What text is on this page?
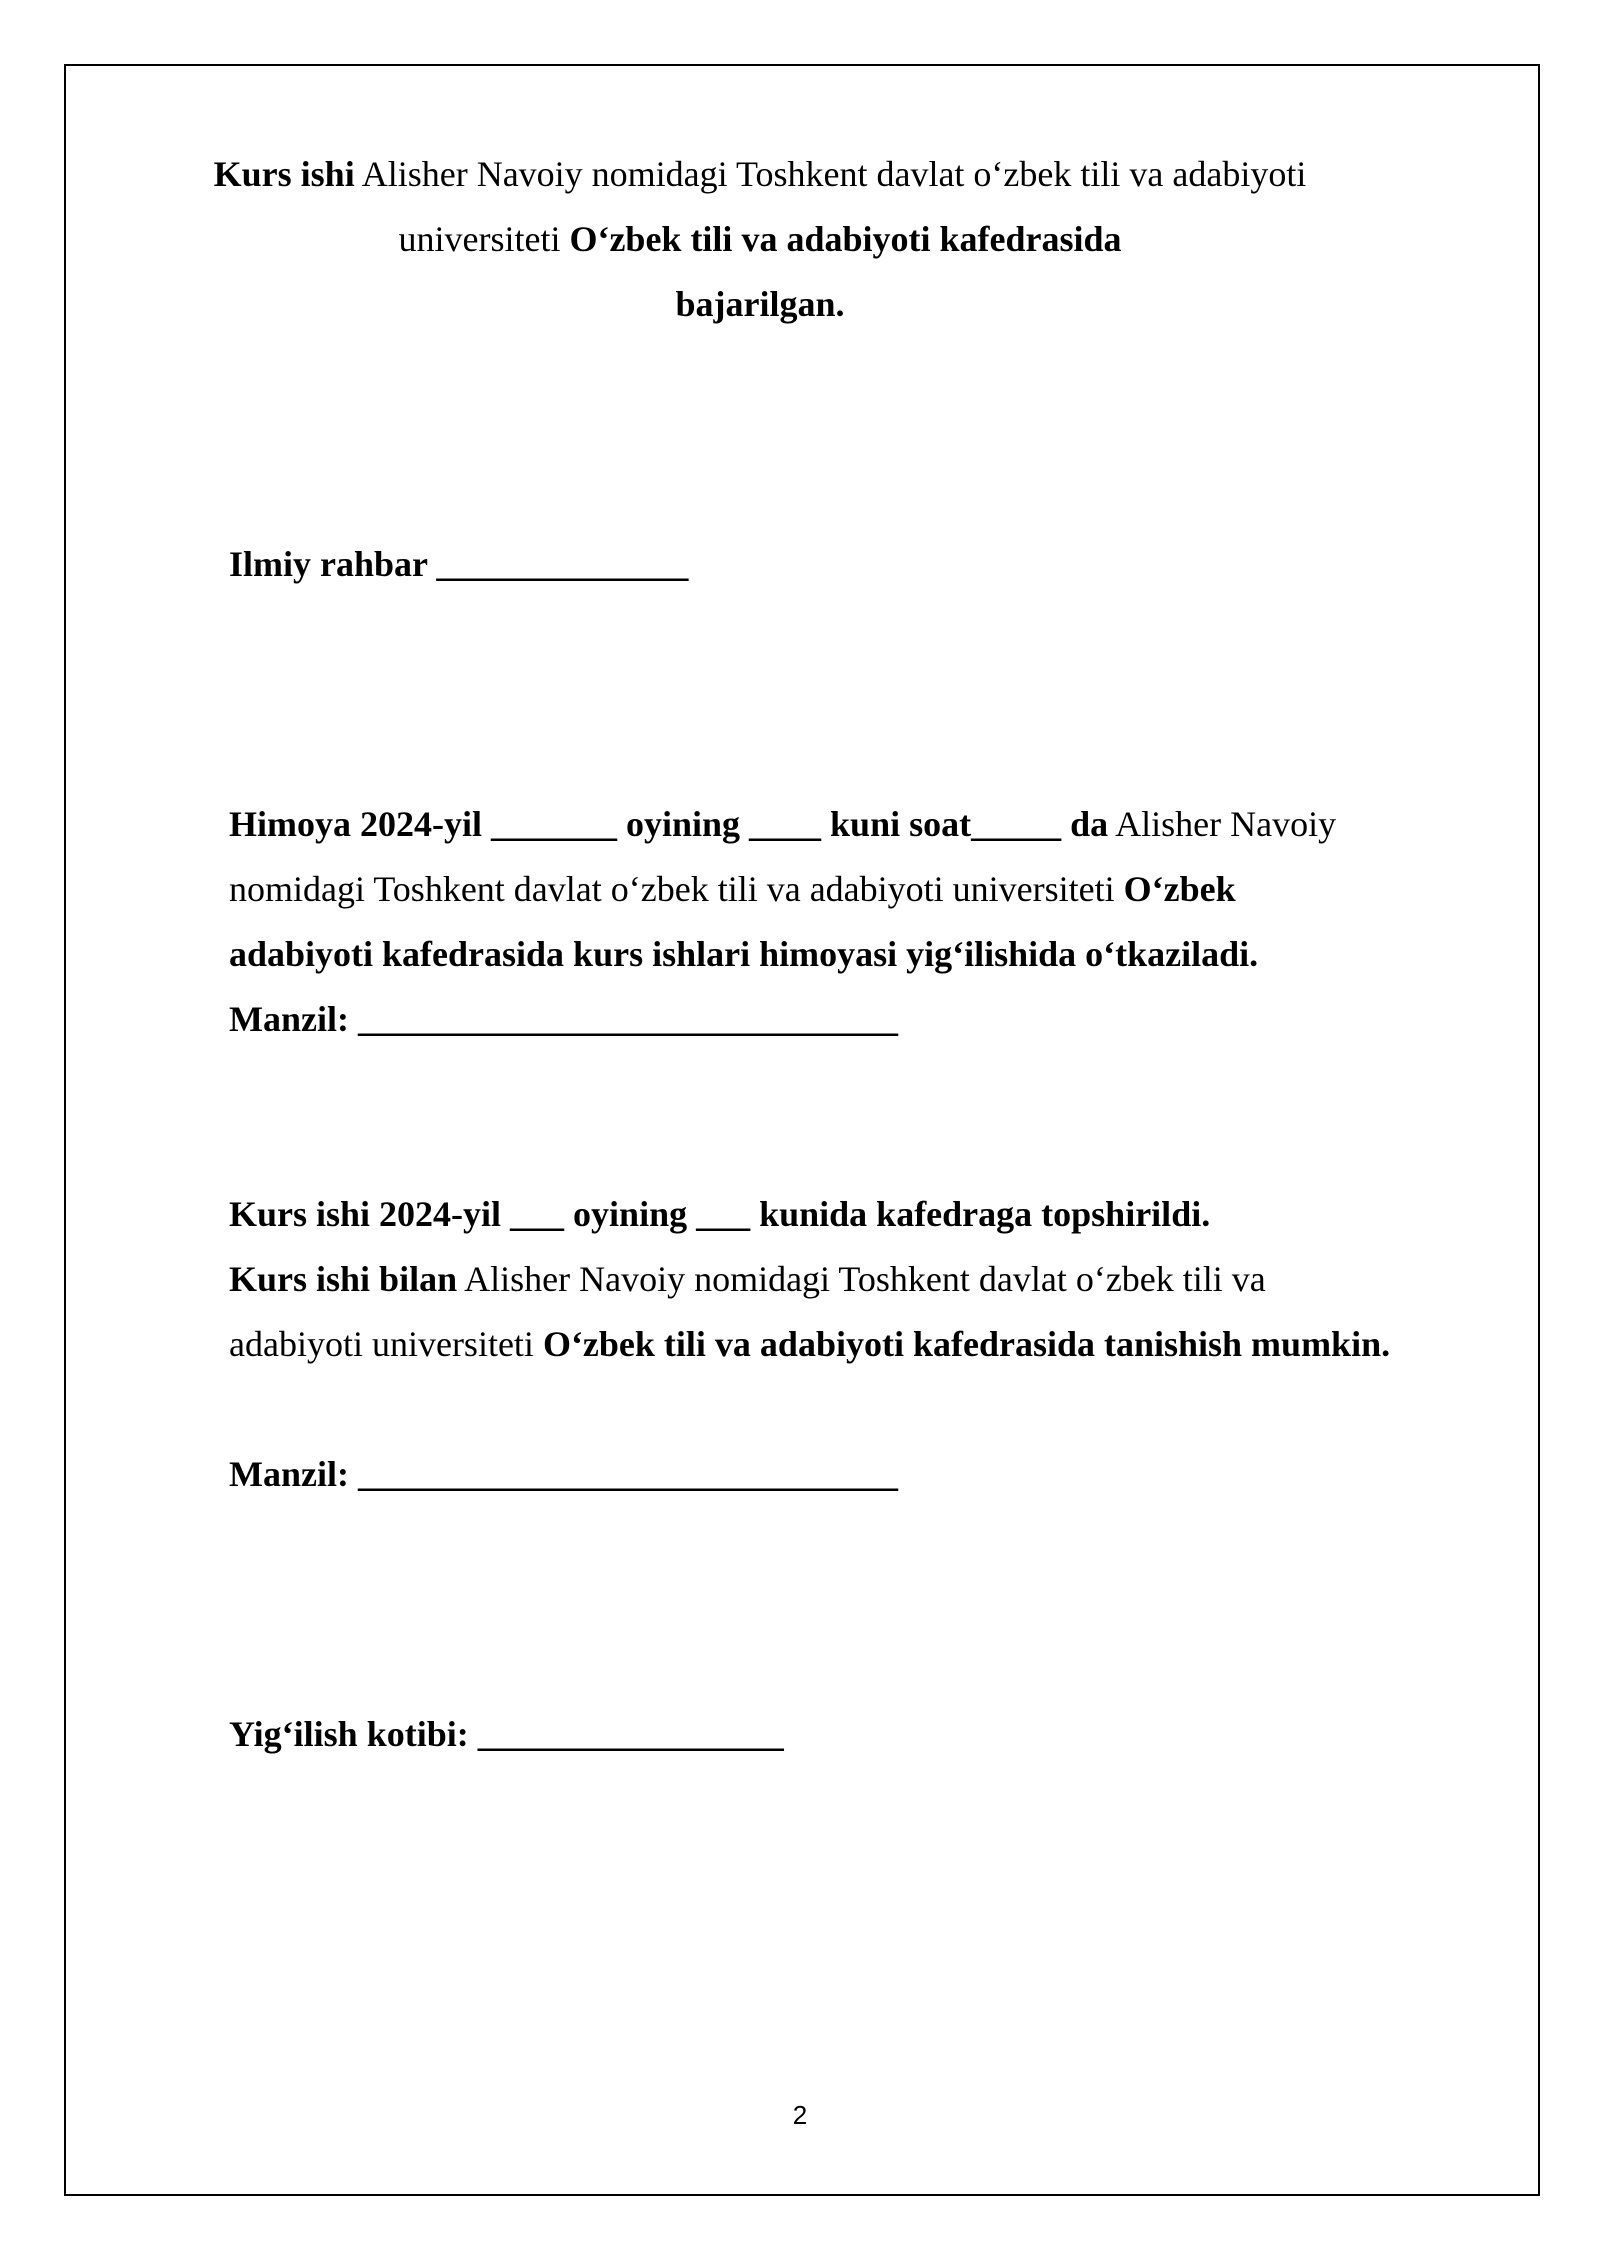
Kurs ishi Alisher Navoiy nomidagi Toshkent davlat o‘zbek tili va adabiyoti
universiteti O‘zbek tili va adabiyoti kafedrasida
bajarilgan.
Ilmiy rahbar ______________
Himoya 2024-yil _______ oyining ____ kuni soat_____ da Alisher Navoiy
nomidagi Toshkent davlat o‘zbek tili va adabiyoti universiteti O‘zbek
adabiyoti kafedrasida kurs ishlari himoyasi yig‘ilishida o‘tkaziladi.
Manzil: ______________________________
Kurs ishi 2024-yil ___ oyining ___ kunida kafedraga topshirildi.
Kurs ishi bilan Alisher Navoiy nomidagi Toshkent davlat o‘zbek tili va
adabiyoti universiteti O‘zbek tili va adabiyoti kafedrasida tanishish mumkin.
Manzil: ______________________________
Yig‘ilish kotibi: _________________
2
